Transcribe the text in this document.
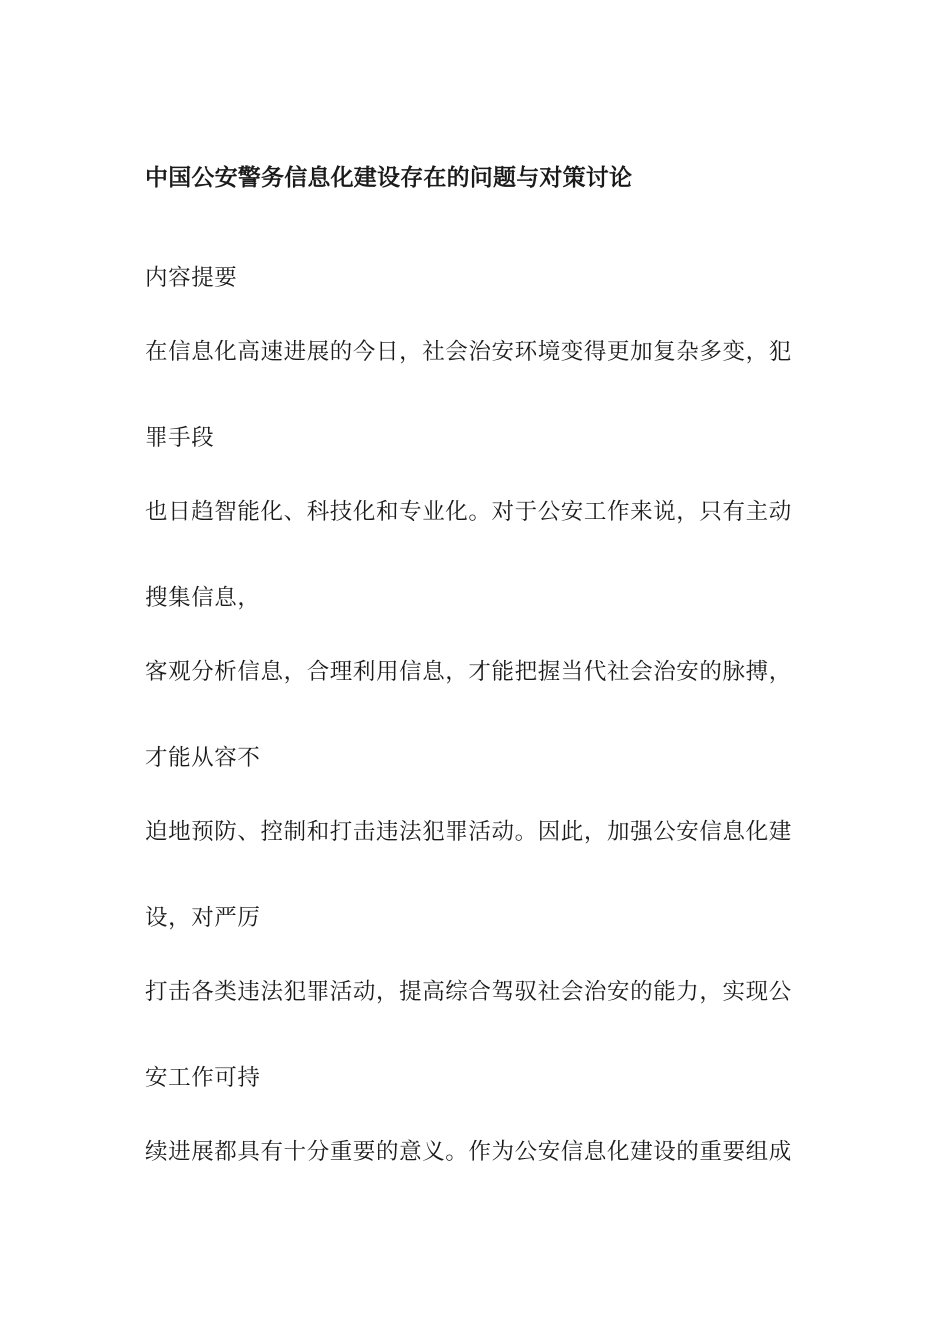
中国公安警务信息化建设存在的问题与对策讨论
内容提要
在信息化高速进展的今日，社会治安环境变得更加复杂多变，犯
罪手段
也日趋智能化、科技化和专业化。对于公安工作来说，只有主动
搜集信息，
客观分析信息，合理利用信息，才能把握当代社会治安的脉搏，
才能从容不
迫地预防、控制和打击违法犯罪活动。因此，加强公安信息化建
设，对严厉
打击各类违法犯罪活动，提高综合驾驭社会治安的能力，实现公
安工作可持
续进展都具有十分重要的意义。作为公安信息化建设的重要组成
